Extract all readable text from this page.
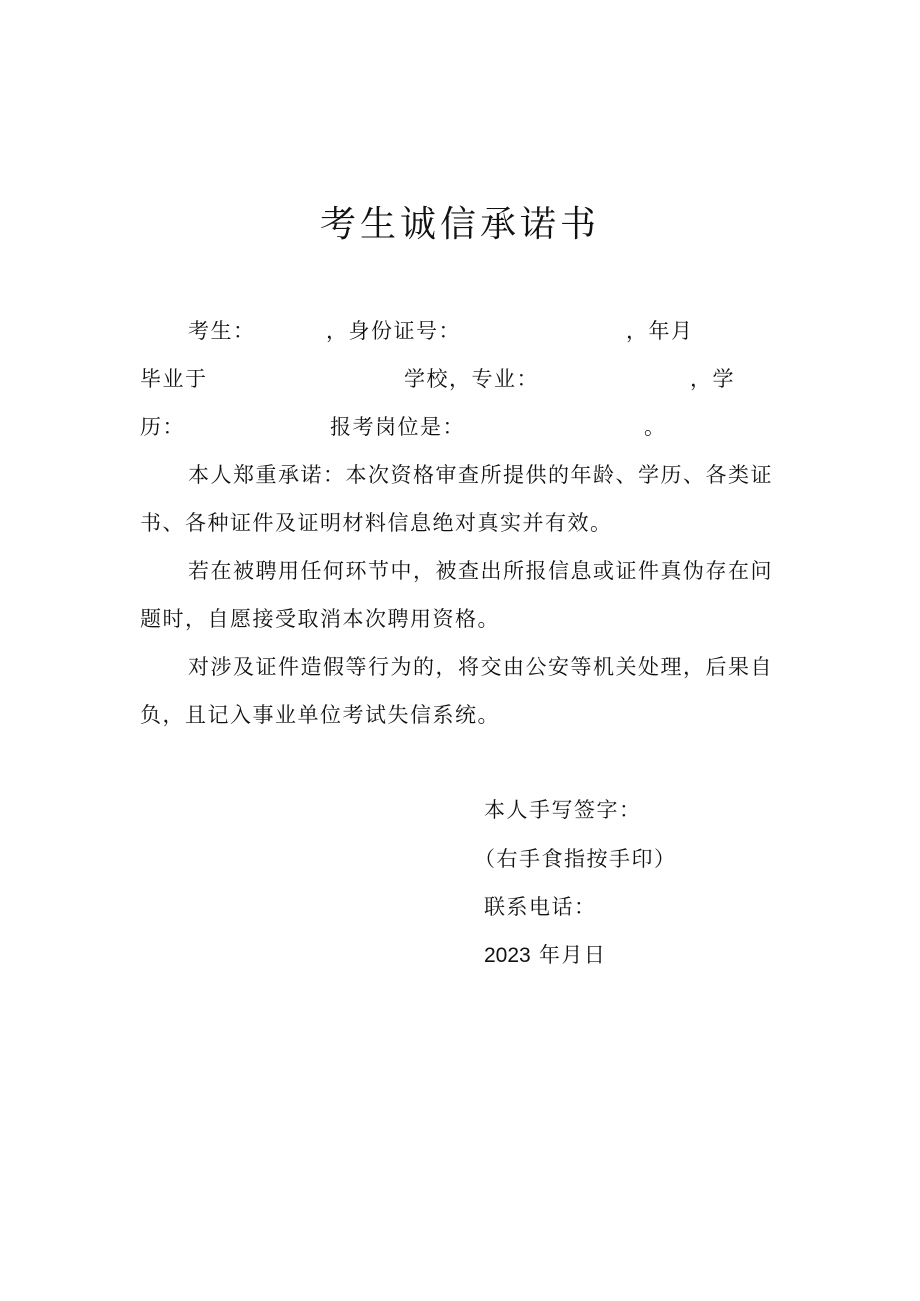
考生诚信承诺书
考生：	，身份证号：	，年月
毕业于	学校，专业：	，学
历：	报考岗位是：	。
本人郑重承诺：本次资格审查所提供的年龄、学历、各类证
书、各种证件及证明材料信息绝对真实并有效。
若在被聘用任何环节中，被查出所报信息或证件真伪存在问
题时，自愿接受取消本次聘用资格。
对涉及证件造假等行为的，将交由公安等机关处理，后果自
负，且记入事业单位考试失信系统。
本人手写签字：
（右手食指按手印）
联系电话：
2023 年月日
